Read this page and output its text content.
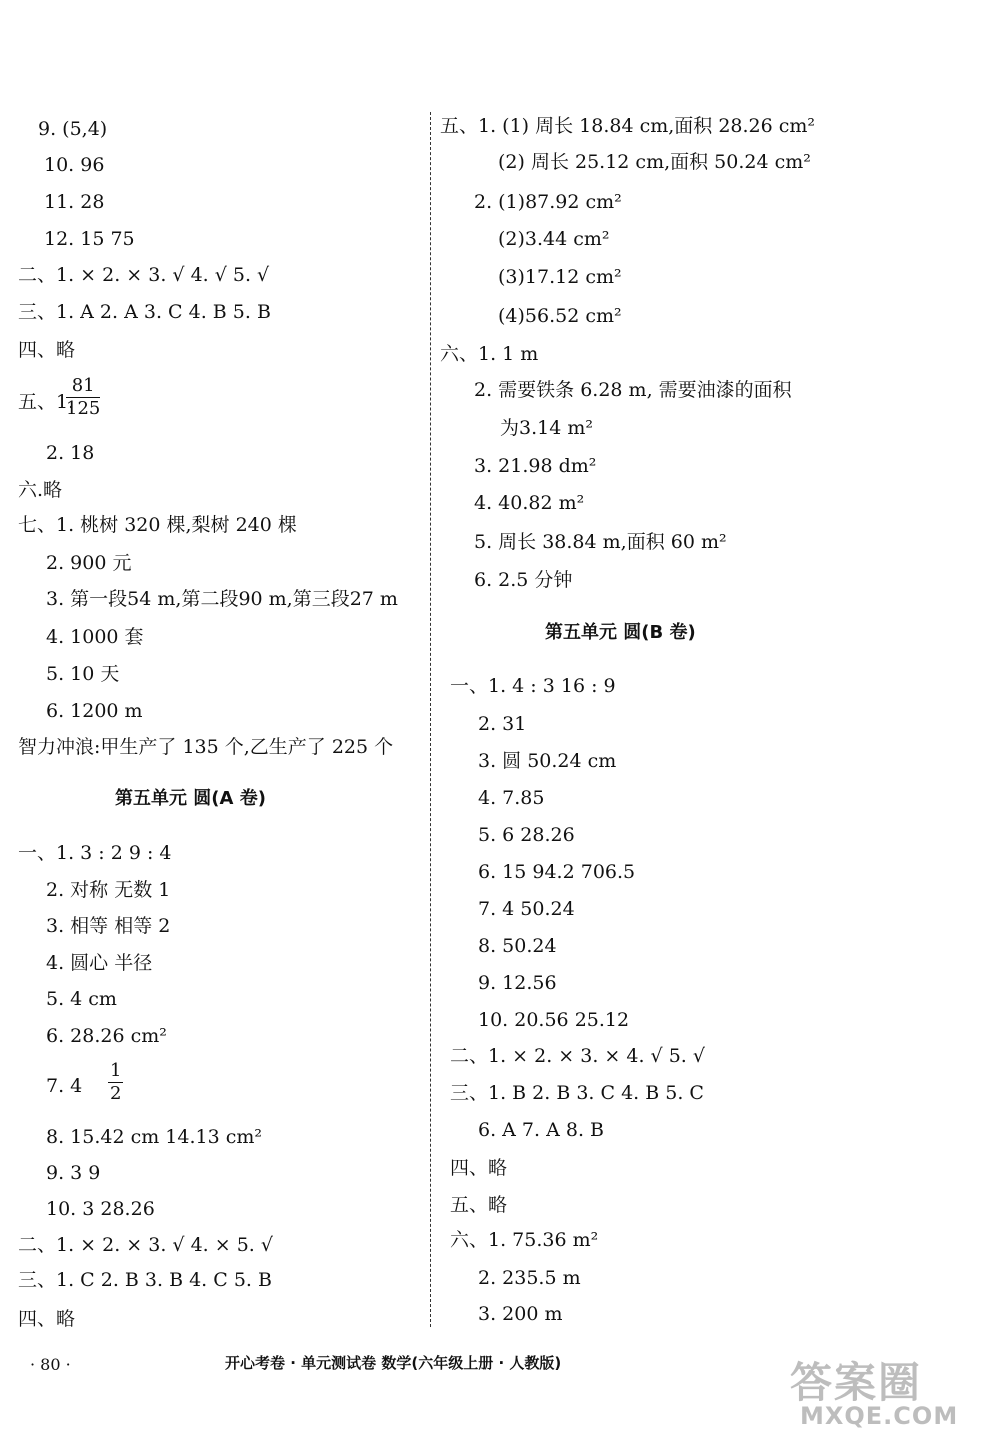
9. (5,4)
10. 96
11. 28
12. 15 75
二、1. × 2. × 3. √ 4. √ 5. √
三、1. A 2. A 3. C 4. B 5. B
四、略
五、1.
2. 18
六.略
七、1. 桃树 320 棵,梨树 240 棵
2. 900 元
3. 第一段54 m,第二段90 m,第三段27 m
4. 1000 套
5. 10 天
6. 1200 m
智力冲浪:甲生产了 135 个,乙生产了 225 个
一、1. 3 : 2 9 : 4
2. 对称 无数 1
3. 相等 相等 2
4. 圆心 半径
5. 4 cm
6. 28.26 cm²
7. 4
8. 15.42 cm 14.13 cm²
9. 3 9
10. 3 28.26
二、1. × 2. × 3. √ 4. × 5. √
三、1. C 2. B 3. B 4. C 5. B
四、略
五、1. (1) 周长 18.84 cm,面积 28.26 cm²
(2) 周长 25.12 cm,面积 50.24 cm²
2. (1)87.92 cm²
(2)3.44 cm²
(3)17.12 cm²
(4)56.52 cm²
六、1. 1 m
2. 需要铁条 6.28 m, 需要油漆的面积
为3.14 m²
3. 21.98 dm²
4. 40.82 m²
5. 周长 38.84 m,面积 60 m²
6. 2.5 分钟
一、1. 4 : 3 16 : 9
2. 31
3. 圆 50.24 cm
4. 7.85
5. 6 28.26
6. 15 94.2 706.5
7. 4 50.24
8. 50.24
9. 12.56
10. 20.56 25.12
二、1. × 2. × 3. × 4. √ 5. √
三、1. B 2. B 3. C 4. B 5. C
6. A 7. A 8. B
四、略
五、略
六、1. 75.36 m²
2. 235.5 m
3. 200 m
第五单元 圆(A 卷)
第五单元 圆(B 卷)
$\frac{81}{125}$
$\frac{1}{2}$
· 80 ·	开心考卷 · 单元测试卷 数学(六年级上册 · 人教版)	答案圈
MXQE.COM
